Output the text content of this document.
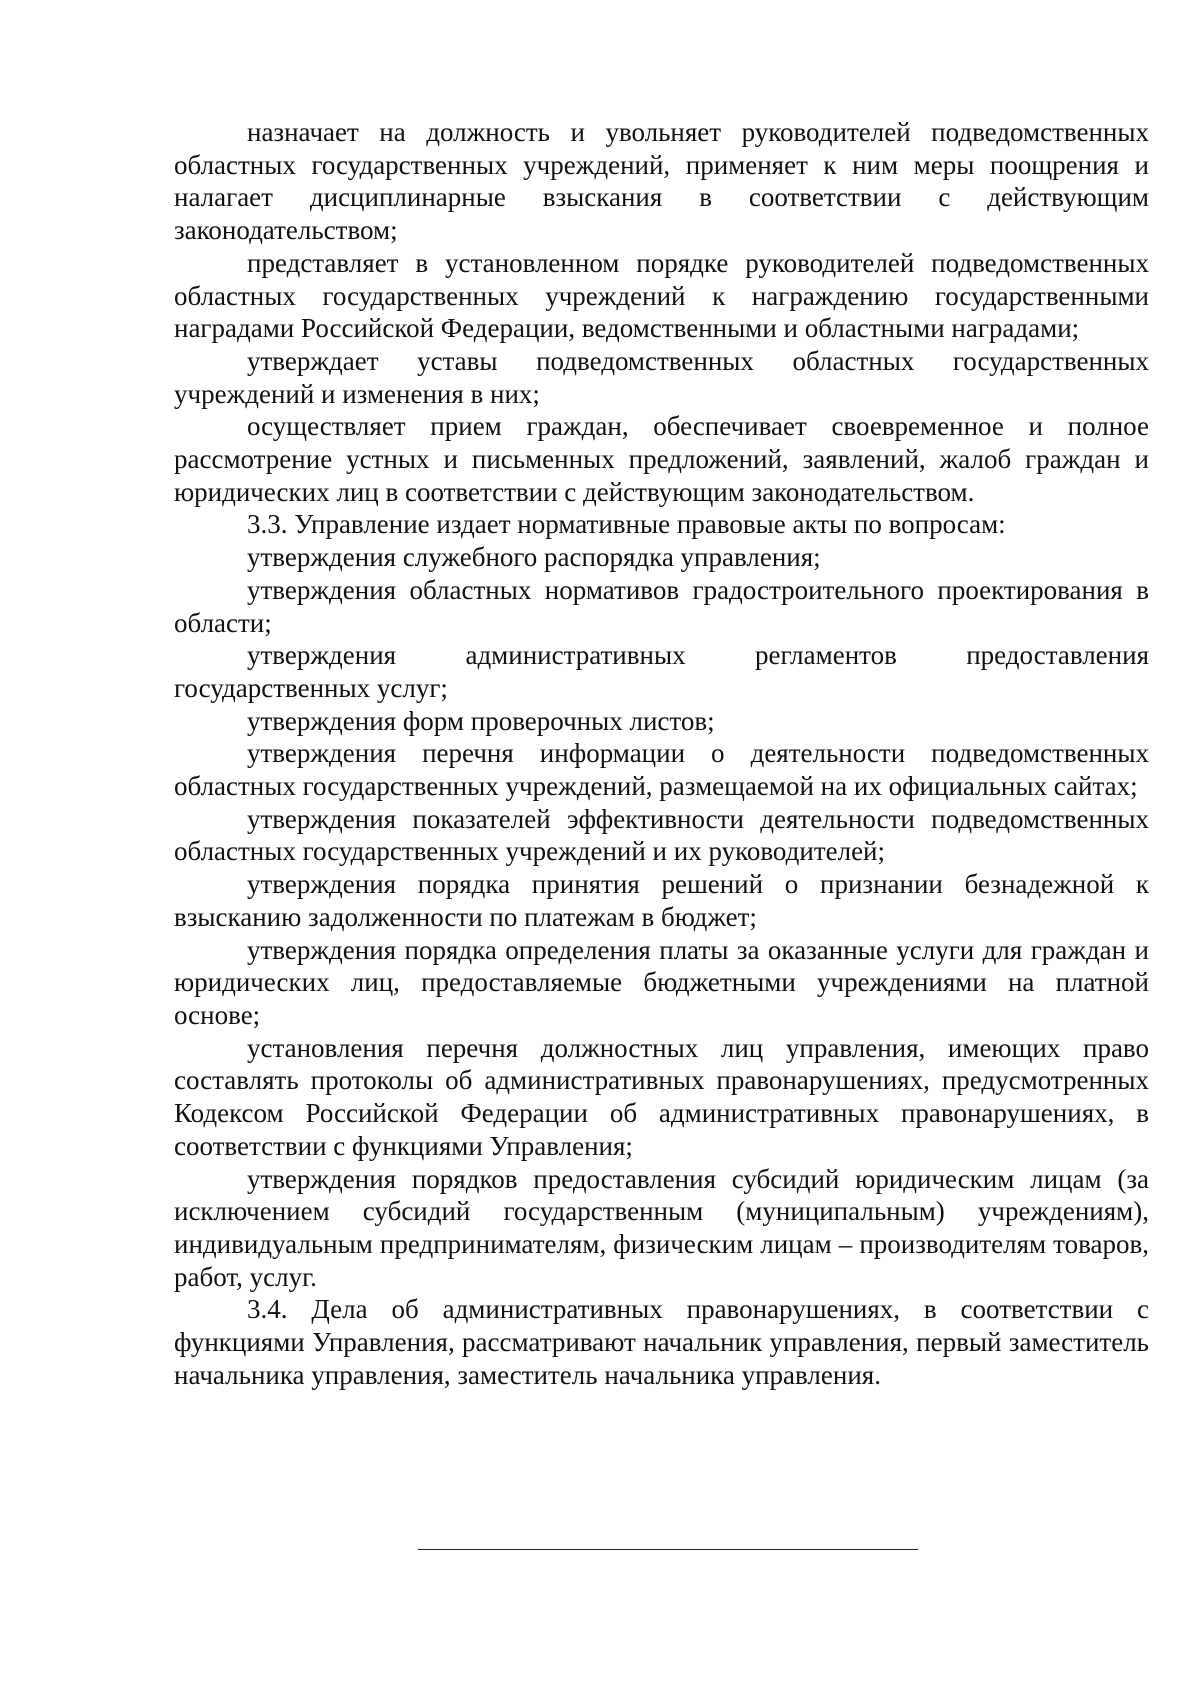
назначает на должность и увольняет руководителей подведомственных областных государственных учреждений, применяет к ним меры поощрения и налагает дисциплинарные взыскания в соответствии с действующим законодательством;

представляет в установленном порядке руководителей подведомственных областных государственных учреждений к награждению государственными наградами Российской Федерации, ведомственными и областными наградами;

утверждает уставы подведомственных областных государственных учреждений и изменения в них;

осуществляет прием граждан, обеспечивает своевременное и полное рассмотрение устных и письменных предложений, заявлений, жалоб граждан и юридических лиц в соответствии с действующим законодательством.

3.3. Управление издает нормативные правовые акты по вопросам:

утверждения служебного распорядка управления;

утверждения областных нормативов градостроительного проектирования в области;

утверждения административных регламентов предоставления государственных услуг;

утверждения форм проверочных листов;

утверждения перечня информации о деятельности подведомственных областных государственных учреждений, размещаемой на их официальных сайтах;

утверждения показателей эффективности деятельности подведомственных областных государственных учреждений и их руководителей;

утверждения порядка принятия решений о признании безнадежной к взысканию задолженности по платежам в бюджет;

утверждения порядка определения платы за оказанные услуги для граждан и юридических лиц, предоставляемые бюджетными учреждениями на платной основе;

установления перечня должностных лиц управления, имеющих право составлять протоколы об административных правонарушениях, предусмотренных Кодексом Российской Федерации об административных правонарушениях, в соответствии с функциями Управления;

утверждения порядков предоставления субсидий юридическим лицам (за исключением субсидий государственным (муниципальным) учреждениям), индивидуальным предпринимателям, физическим лицам – производителям товаров, работ, услуг.

3.4. Дела об административных правонарушениях, в соответствии с функциями Управления, рассматривают начальник управления, первый заместитель начальника управления, заместитель начальника управления.
